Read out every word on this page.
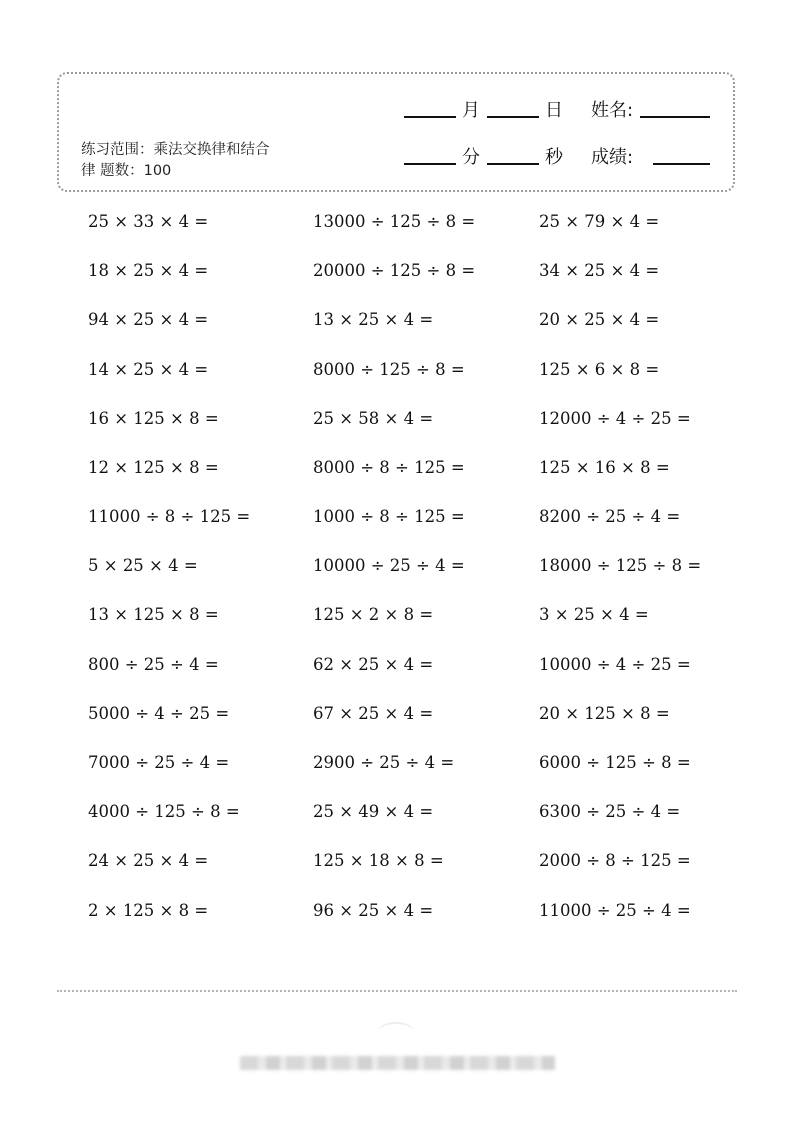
练习范围：乘法交换律和结合
律 题数：100
月	日 姓名:
分	秒 成绩:
25 × 33 × 4 =	13000 ÷ 125 ÷ 8 =	25 × 79 × 4 =
18 × 25 × 4 =	20000 ÷ 125 ÷ 8 =	34 × 25 × 4 =
94 × 25 × 4 =	13 × 25 × 4 =	20 × 25 × 4 =
14 × 25 × 4 =	8000 ÷ 125 ÷ 8 =	125 × 6 × 8 =
16 × 125 × 8 =	25 × 58 × 4 =	12000 ÷ 4 ÷ 25 =
12 × 125 × 8 =	8000 ÷ 8 ÷ 125 =	125 × 16 × 8 =
11000 ÷ 8 ÷ 125 =	1000 ÷ 8 ÷ 125 =	8200 ÷ 25 ÷ 4 =
5 × 25 × 4 =	10000 ÷ 25 ÷ 4 =	18000 ÷ 125 ÷ 8 =
13 × 125 × 8 =	125 × 2 × 8 =	3 × 25 × 4 =
800 ÷ 25 ÷ 4 =	62 × 25 × 4 =	10000 ÷ 4 ÷ 25 =
5000 ÷ 4 ÷ 25 =	67 × 25 × 4 =	20 × 125 × 8 =
7000 ÷ 25 ÷ 4 =	2900 ÷ 25 ÷ 4 =	6000 ÷ 125 ÷ 8 =
4000 ÷ 125 ÷ 8 =	25 × 49 × 4 =	6300 ÷ 25 ÷ 4 =
24 × 25 × 4 =	125 × 18 × 8 =	2000 ÷ 8 ÷ 125 =
2 × 125 × 8 =	96 × 25 × 4 =	11000 ÷ 25 ÷ 4 =
